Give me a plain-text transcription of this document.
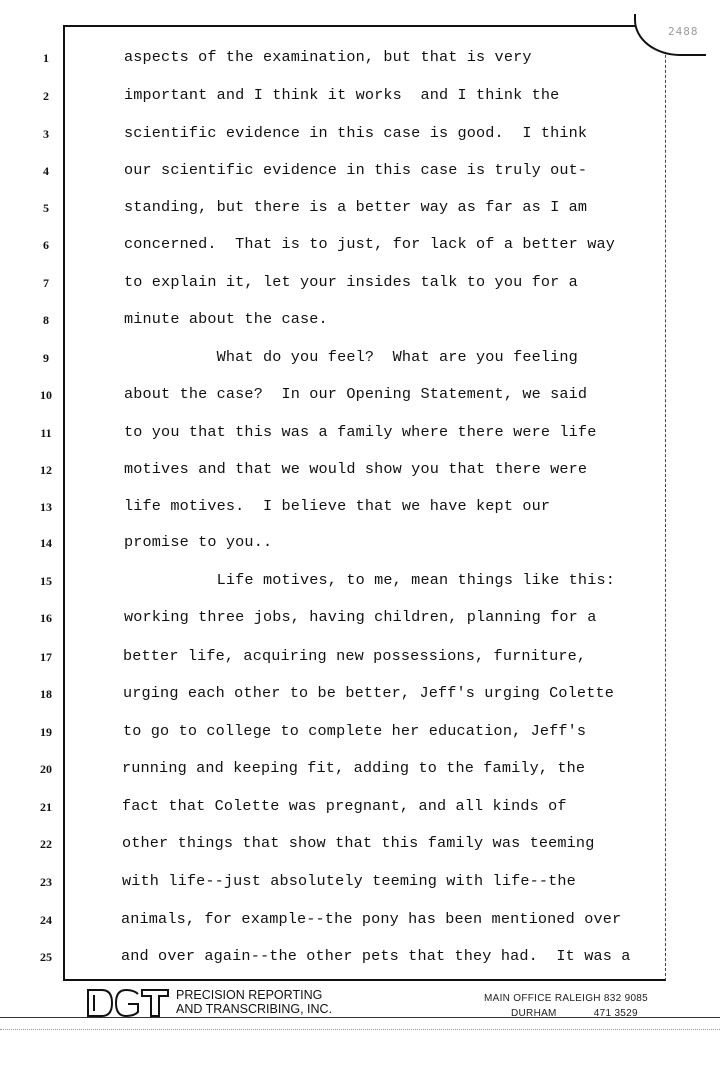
2488
1	aspects of the examination, but that is very
2	important and I think it works  and I think the
3	scientific evidence in this case is good.  I think
4	our scientific evidence in this case is truly out-
5	standing, but there is a better way as far as I am
6	concerned.  That is to just, for lack of a better way
7	to explain it, let your insides talk to you for a
8	minute about the case.
9	What do you feel?  What are you feeling
10	about the case?  In our Opening Statement, we said
11	to you that this was a family where there were life
12	motives and that we would show you that there were
13	life motives.  I believe that we have kept our
14	promise to you..
15	Life motives, to me, mean things like this:
16	working three jobs, having children, planning for a
17	better life, acquiring new possessions, furniture,
18	urging each other to be better, Jeff's urging Colette
19	to go to college to complete her education, Jeff's
20	running and keeping fit, adding to the family, the
21	fact that Colette was pregnant, and all kinds of
22	other things that show that this family was teeming
23	with life--just absolutely teeming with life--the
24	animals, for example--the pony has been mentioned over
25	and over again--the other pets that they had.  It was a
PRECISION REPORTING
AND TRANSCRIBING, INC.
MAIN OFFICE RALEIGH 832 9085
DURHAM	471 3529
